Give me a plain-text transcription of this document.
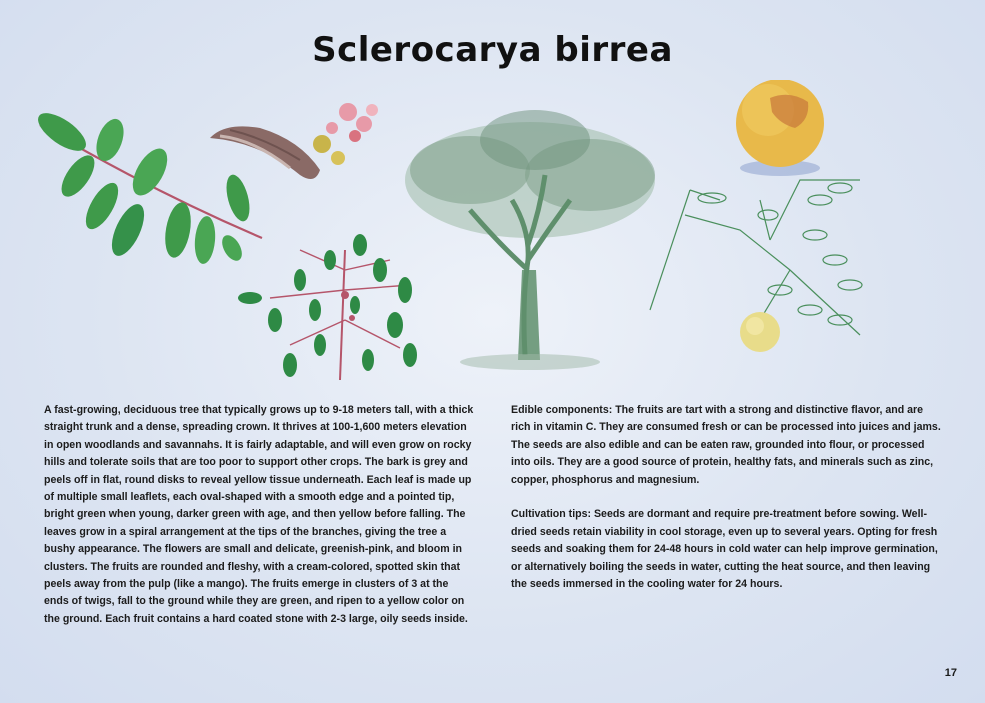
Sclerocarya birrea

A fast-growing, deciduous tree that typically grows up to 9-18 meters tall, with a thick straight trunk and a dense, spreading crown. It thrives at 100-1,600 meters elevation in open woodlands and savannahs. It is fairly adaptable, and will even grow on rocky hills and tolerate soils that are too poor to support other crops. The bark is grey and peels off in flat, round disks to reveal yellow tissue underneath. Each leaf is made up of multiple small leaflets, each oval-shaped with a smooth edge and a pointed tip, bright green when young, darker green with age, and then yellow before falling. The leaves grow in a spiral arrangement at the tips of the branches, giving the tree a bushy appearance. The flowers are small and delicate, greenish-pink, and bloom in clusters. The fruits are rounded and fleshy, with a cream-colored, spotted skin that peels away from the pulp (like a mango). The fruits emerge in clusters of 3 at the ends of twigs, fall to the ground while they are green, and ripen to a yellow color on the ground. Each fruit contains a hard coated stone with 2-3 large, oily seeds inside.

Edible components: The fruits are tart with a strong and distinctive flavor, and are rich in vitamin C. They are consumed fresh or can be processed into juices and jams. The seeds are also edible and can be eaten raw, grounded into flour, or processed into oils. They are a good source of protein, healthy fats, and minerals such as zinc, copper, phosphorus and magnesium.

Cultivation tips: Seeds are dormant and require pre-treatment before sowing. Well-dried seeds retain viability in cool storage, even up to several years. Opting for fresh seeds and soaking them for 24-48 hours in cold water can help improve germination, or alternatively boiling the seeds in water, cutting the heat source, and then leaving the seeds immersed in the cooling water for 24 hours.

17
